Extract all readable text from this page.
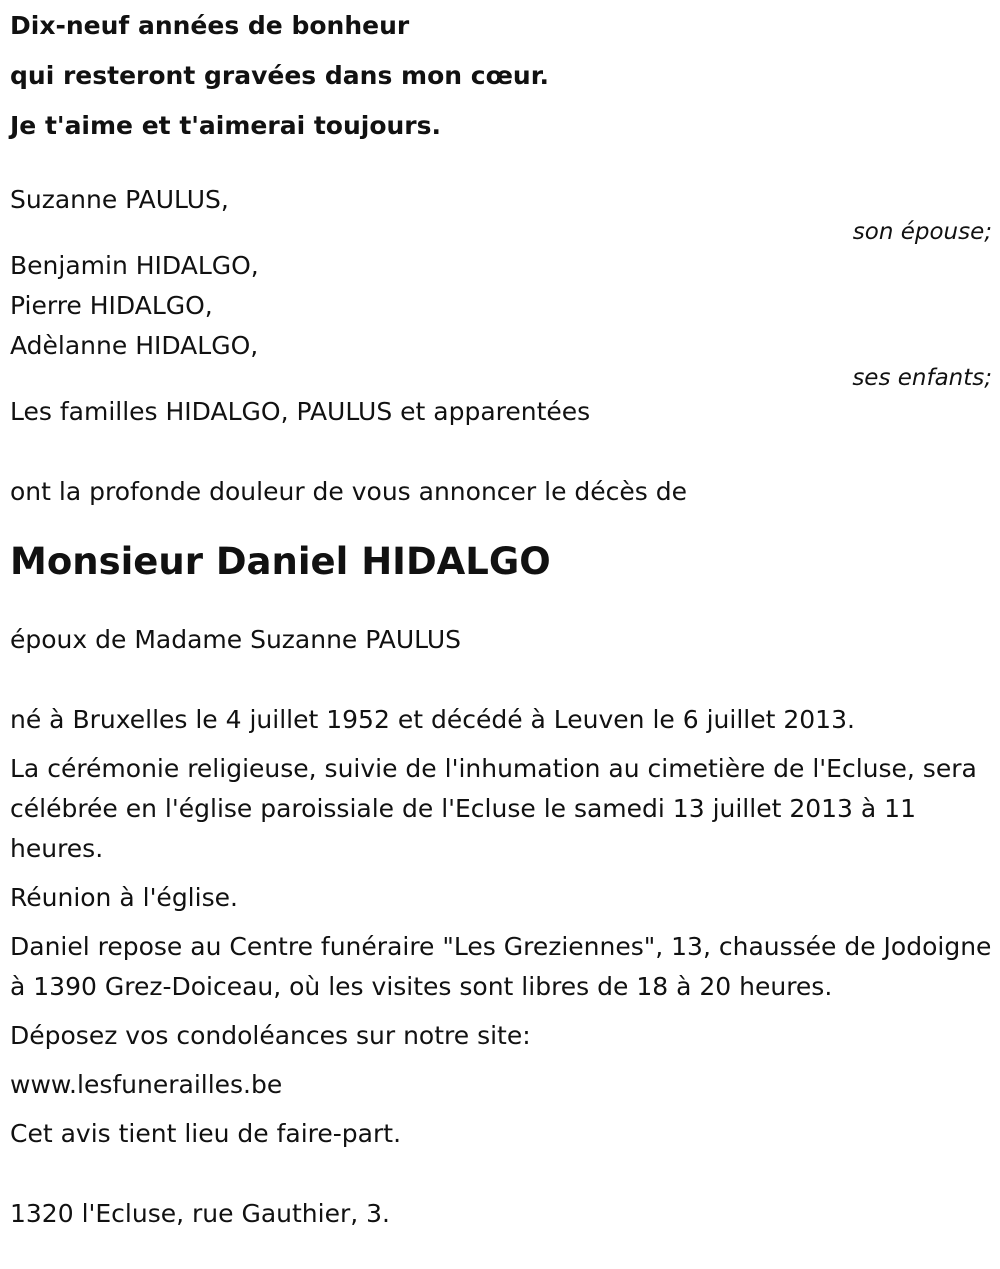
Dix-neuf années de bonheur
qui resteront gravées dans mon cœur.
Je t'aime et t'aimerai toujours.
Suzanne PAULUS,
son épouse;
Benjamin HIDALGO,
Pierre HIDALGO,
Adèlanne HIDALGO,
ses enfants;
Les familles HIDALGO, PAULUS et apparentées
ont la profonde douleur de vous annoncer le décès de
Monsieur Daniel HIDALGO
époux de Madame Suzanne PAULUS
né à Bruxelles le 4 juillet 1952 et décédé à Leuven le 6 juillet 2013.
La cérémonie religieuse, suivie de l'inhumation au cimetière de l'Ecluse, sera célébrée en l'église paroissiale de l'Ecluse le samedi 13 juillet 2013 à 11 heures.
Réunion à l'église.
Daniel repose au Centre funéraire "Les Greziennes", 13, chaussée de Jodoigne à 1390 Grez-Doiceau, où les visites sont libres de 18 à 20 heures.
Déposez vos condoléances sur notre site:
www.lesfunerailles.be
Cet avis tient lieu de faire-part.
1320 l'Ecluse, rue Gauthier, 3.
